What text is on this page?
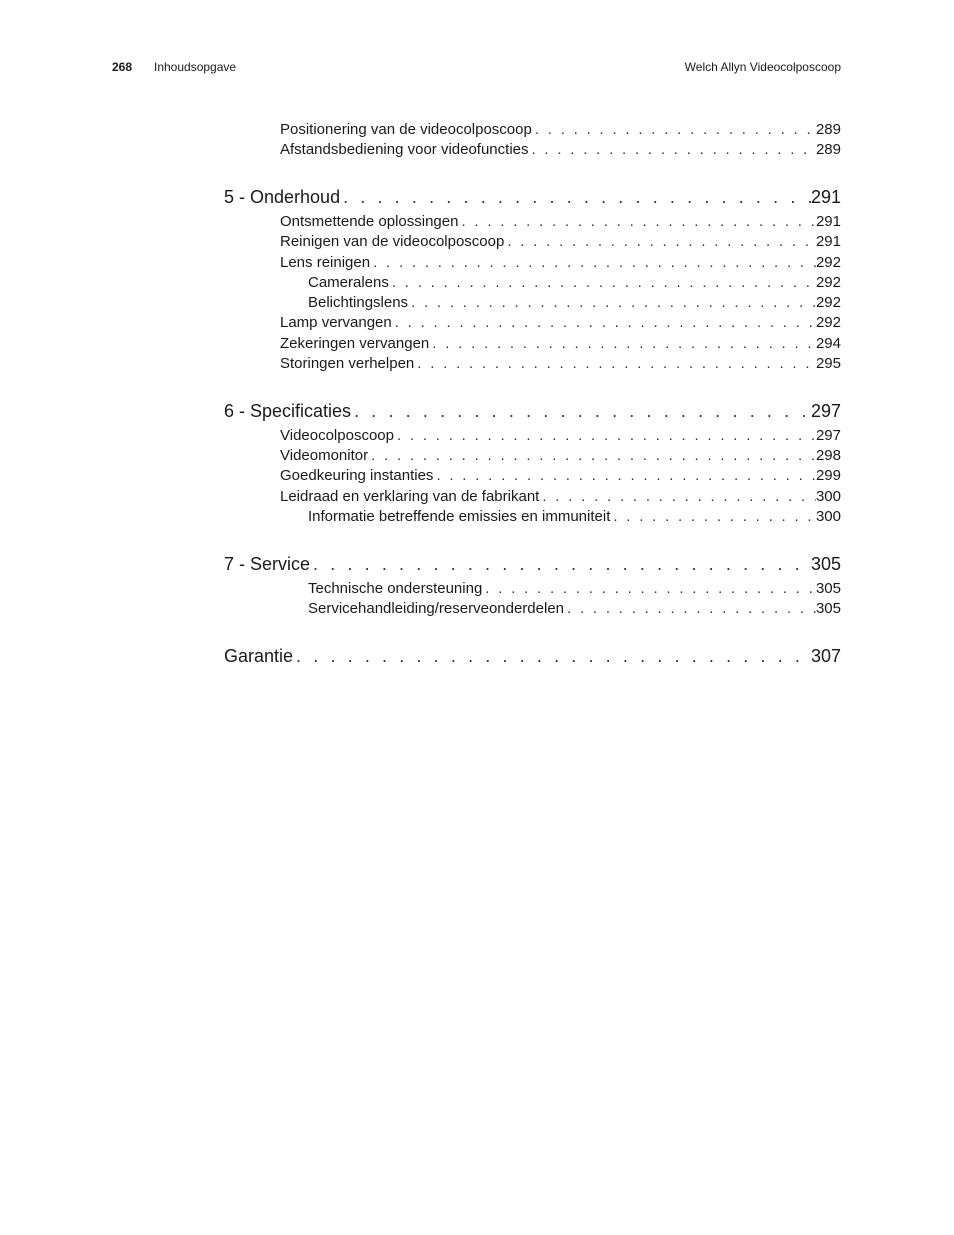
268 Inhoudsopgave	Welch Allyn Videocolposcoop
Positionering van de videocolposcoop . . .	289
Afstandsbediening voor videofuncties . . .	289
5 - Onderhoud . . .	291
Ontsmettende oplossingen . . .	291
Reinigen van de videocolposcoop . . .	291
Lens reinigen . . .	292
Cameralens . . .	292
Belichtingslens . . .	292
Lamp vervangen . . .	292
Zekeringen vervangen . . .	294
Storingen verhelpen . . .	295
6 - Specificaties . . .	297
Videocolposcoop . . .	297
Videomonitor . . .	298
Goedkeuring instanties . . .	299
Leidraad en verklaring van de fabrikant . . .	300
Informatie betreffende emissies en immuniteit . . .	300
7 - Service . . .	305
Technische ondersteuning . . .	305
Servicehandleiding/reserveonderdelen . . .	305
Garantie . . .	307
